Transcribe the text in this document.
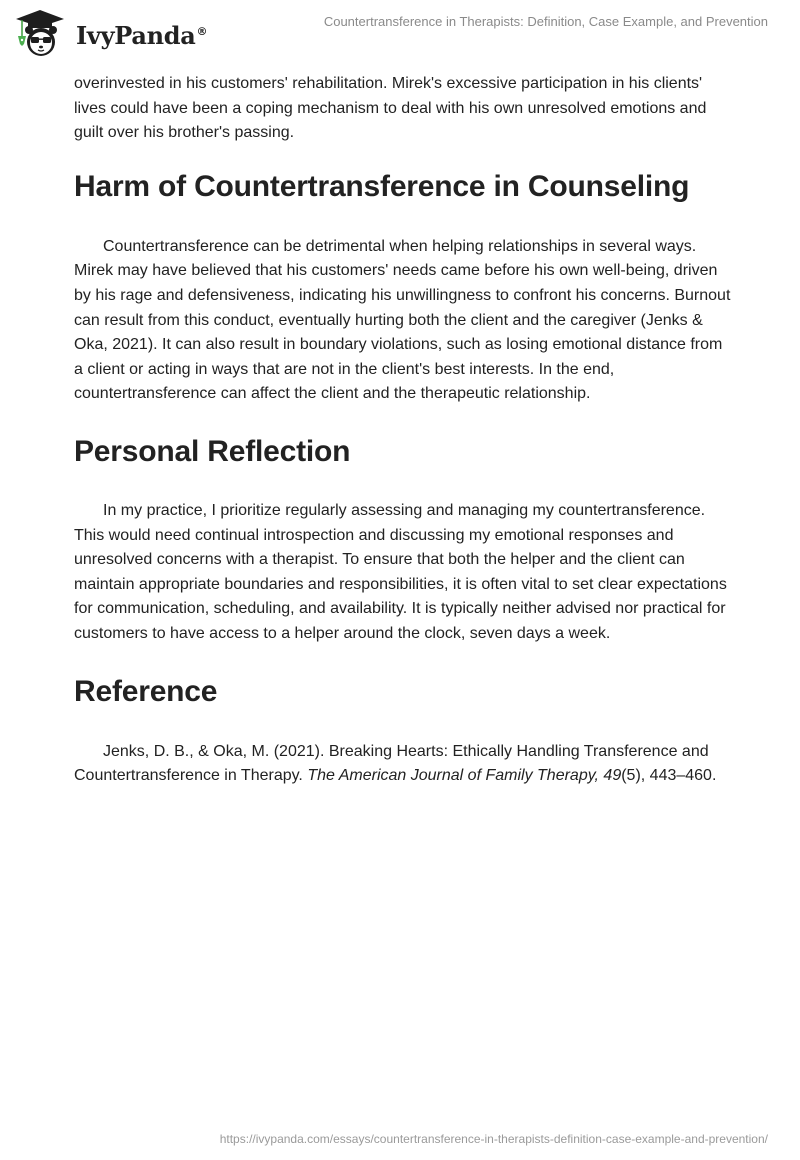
IvyPanda®
Countertransference in Therapists: Definition, Case Example, and Prevention

overinvested in his customers' rehabilitation. Mirek's excessive participation in his clients' lives could have been a coping mechanism to deal with his own unresolved emotions and guilt over his brother's passing.

Harm of Countertransference in Counseling

Countertransference can be detrimental when helping relationships in several ways. Mirek may have believed that his customers' needs came before his own well-being, driven by his rage and defensiveness, indicating his unwillingness to confront his concerns. Burnout can result from this conduct, eventually hurting both the client and the caregiver (Jenks & Oka, 2021). It can also result in boundary violations, such as losing emotional distance from a client or acting in ways that are not in the client's best interests. In the end, countertransference can affect the client and the therapeutic relationship.

Personal Reflection

In my practice, I prioritize regularly assessing and managing my countertransference. This would need continual introspection and discussing my emotional responses and unresolved concerns with a therapist. To ensure that both the helper and the client can maintain appropriate boundaries and responsibilities, it is often vital to set clear expectations for communication, scheduling, and availability. It is typically neither advised nor practical for customers to have access to a helper around the clock, seven days a week.

Reference

Jenks, D. B., & Oka, M. (2021). Breaking Hearts: Ethically Handling Transference and Countertransference in Therapy. The American Journal of Family Therapy, 49(5), 443–460.

https://ivypanda.com/essays/countertransference-in-therapists-definition-case-example-and-prevention/
